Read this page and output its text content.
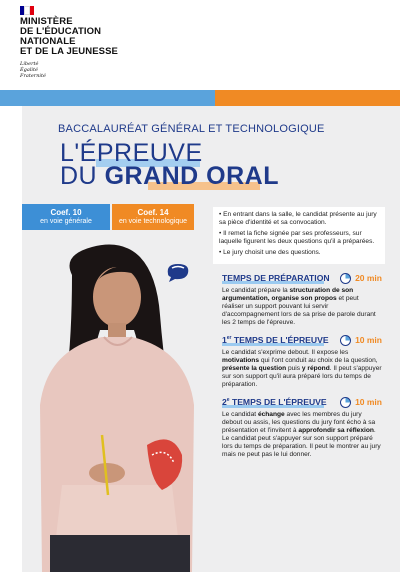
MINISTÈRE
DE L'ÉDUCATION
NATIONALE
ET DE LA JEUNESSE
Liberté
Égalité
Fraternité
BACCALAURÉAT GÉNÉRAL ET TECHNOLOGIQUE
L'ÉPREUVE
DU GRAND ORAL
Coef. 10
en voie générale
Coef. 14
en voie technologique

• En entrant dans la salle, le candidat présente au jury sa pièce d'identité et sa convocation.

• Il remet la fiche signée par ses professeurs, sur laquelle figurent les deux questions qu'il a préparées.

• Le jury choisit une des questions.

TEMPS DE PRÉPARATION	20 min
Le candidat prépare la structuration de son argumentation, organise son propos et peut réaliser un support pouvant lui servir d'accompagnement lors de sa prise de parole durant les 2 temps de l'épreuve.
1er TEMPS DE L'ÉPREUVE	10 min
Le candidat s'exprime debout. Il expose les motivations qui l'ont conduit au choix de la question, présente la question puis y répond. Il peut s'appuyer sur son support qu'il aura préparé lors du temps de préparation.
2e TEMPS DE L'ÉPREUVE	10 min
Le candidat échange avec les membres du jury debout ou assis, les questions du jury font écho à sa présentation et l'invitent à approfondir sa réflexion. Le candidat peut s'appuyer sur son support préparé lors du temps de préparation. Il peut le montrer au jury mais ne peut pas le lui donner.
